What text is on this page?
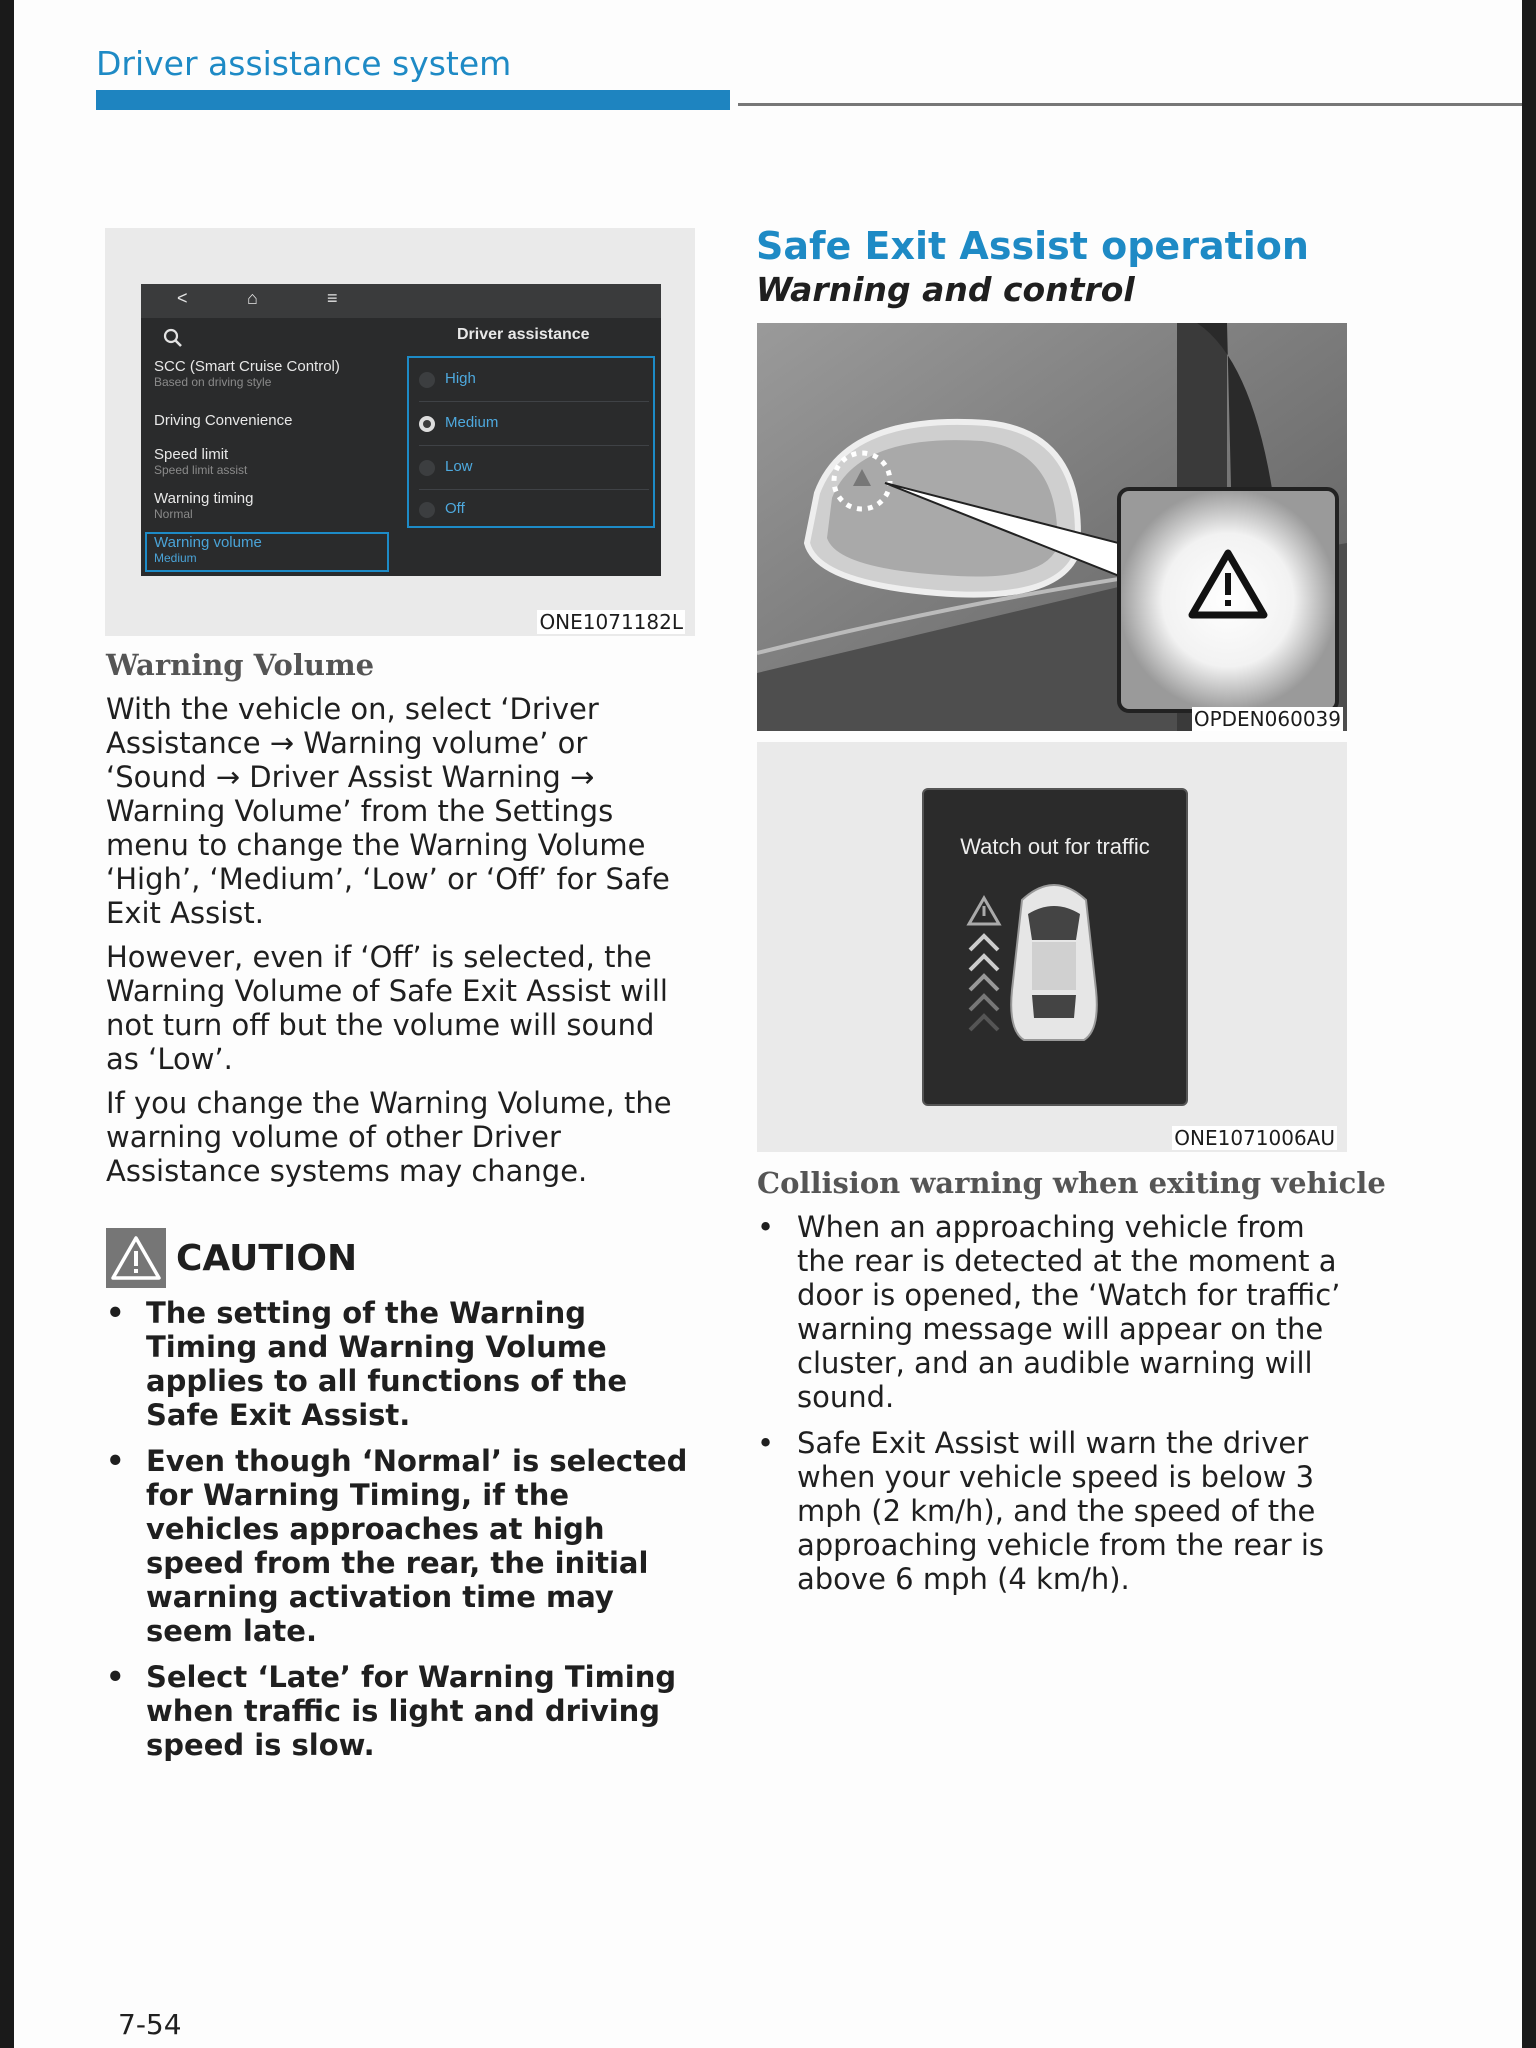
Driver assistance system
<	⌂	≡
Driver assistance
SCC (Smart Cruise Control)
Based on driving style
Driving Convenience
Speed limit
Speed limit assist
Warning timing
Normal
Warning volume
Medium
High
Medium
Low
Off
ONE1071182L
Warning Volume

With the vehicle on, select ‘Driver Assistance → Warning volume’ or ‘Sound → Driver Assist Warning → Warning Volume’ from the Settings menu to change the Warning Volume ‘High’, ‘Medium’, ‘Low’ or ‘Off’ for Safe Exit Assist.

However, even if ‘Off’ is selected, the Warning Volume of Safe Exit Assist will not turn off but the volume will sound as ‘Low’.

If you change the Warning Volume, the warning volume of other Driver Assistance systems may change.

CAUTION
• The setting of the Warning Timing and Warning Volume applies to all functions of the Safe Exit Assist.
• Even though ‘Normal’ is selected for Warning Timing, if the vehicles approaches at high speed from the rear, the initial warning activation time may seem late.
• Select ‘Late’ for Warning Timing when traffic is light and driving speed is slow.
Safe Exit Assist operation
Warning and control
OPDEN060039
Watch out for traffic
ONE1071006AU
Collision warning when exiting vehicle
• When an approaching vehicle from the rear is detected at the moment a door is opened, the ‘Watch for traffic’ warning message will appear on the cluster, and an audible warning will sound.
• Safe Exit Assist will warn the driver when your vehicle speed is below 3 mph (2 km/h), and the speed of the approaching vehicle from the rear is above 6 mph (4 km/h).
7-54
